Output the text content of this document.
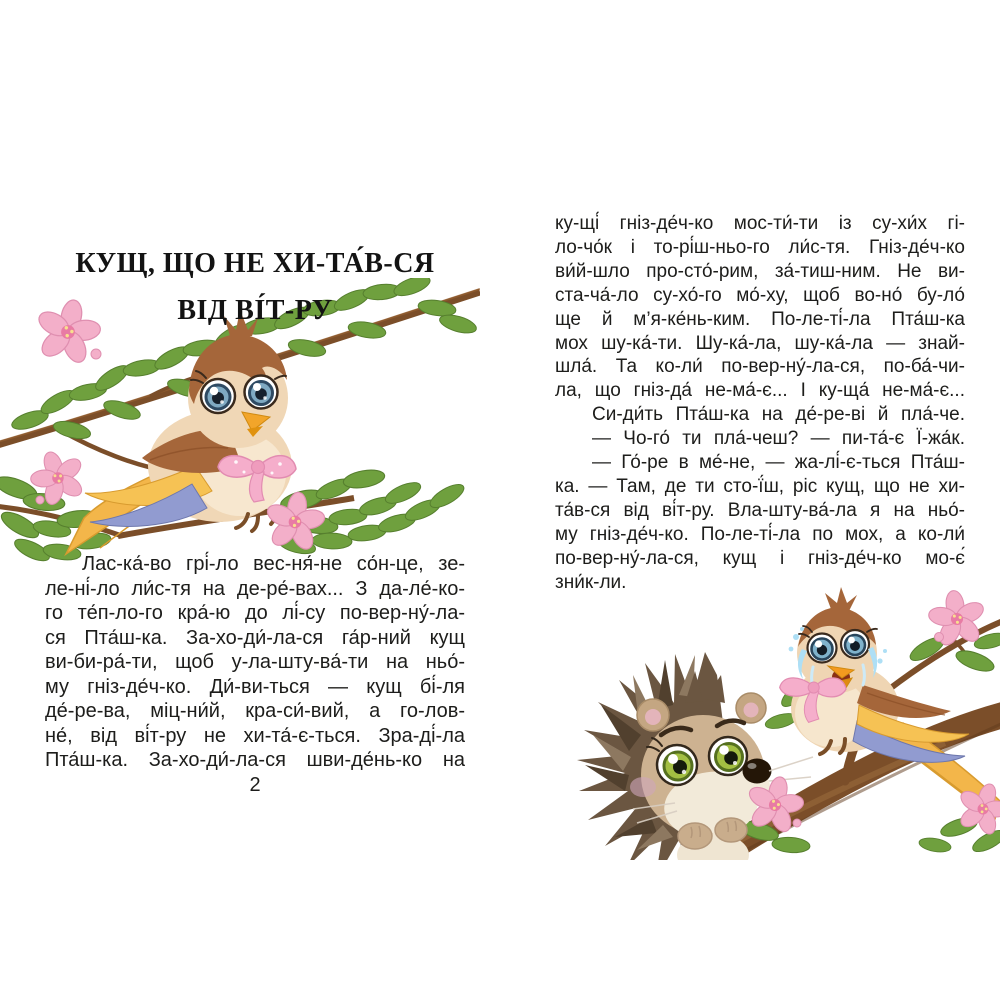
КУЩ, ЩО НЕ ХИ-ТА́В-СЯ
ВІД ВІ́Т-РУ
Лас-ка́-во грі́-ло вес-ня́-не со́н-це, зе-
ле-ні́-ло ли́с-тя на де-ре́-вах... З да-ле́-ко-
го те́п-ло-го кра́-ю до лі́-су по-вер-ну́-ла-
ся Пта́ш-ка. За-хо-ди́-ла-ся га́р-ний кущ
ви-би-ра́-ти, щоб у-ла-шту-ва́-ти на ньо́-
му гніз-де́ч-ко. Ди́-ви-ться — кущ бі́-ля
де́-ре-ва, міц-ни́й, кра-си́-вий, а го-лов-
не́, від ві́т-ру не хи-та́-є-ться. Зра-ді́-ла
Пта́ш-ка. За-хо-ди́-ла-ся шви-де́нь-ко на
2
ку-щі́ гніз-де́ч-ко мос-ти́-ти із су-хи́х гі-
ло-чо́к і то-рі́ш-ньо-го ли́с-тя. Гніз-де́ч-ко
ви́й-шло про-сто́-рим, за́-тиш-ним. Не ви-
ста-ча́-ло су-хо́-го мо́-ху, щоб во-но́ бу-ло́
ще й м’я-ке́нь-ким. По-ле-ті́-ла Пта́ш-ка
мох шу-ка́-ти. Шу-ка́-ла, шу-ка́-ла — знай-
шла́. Та ко-ли́ по-вер-ну́-ла-ся, по-ба́-чи-
ла, що гніз-да́ не-ма́-є... І ку-ща́ не-ма́-є...
Си-ди́ть Пта́ш-ка на де́-ре-ві й пла́-че.
— Чо-го́ ти пла́-чеш? — пи-та́-є Ї-жа́к.
— Го́-ре в ме́-не, — жа-лі́-є-ться Пта́ш-
ка. — Там, де ти сто-ї́ш, ріс кущ, що не хи-
та́в-ся від ві́т-ру. Вла-шту-ва́-ла я на ньо́-
му гніз-де́ч-ко. По-ле-ті́-ла по мох, а ко-ли́
по-вер-ну́-ла-ся, кущ і гніз-де́ч-ко мо-є́
зни́к-ли.
